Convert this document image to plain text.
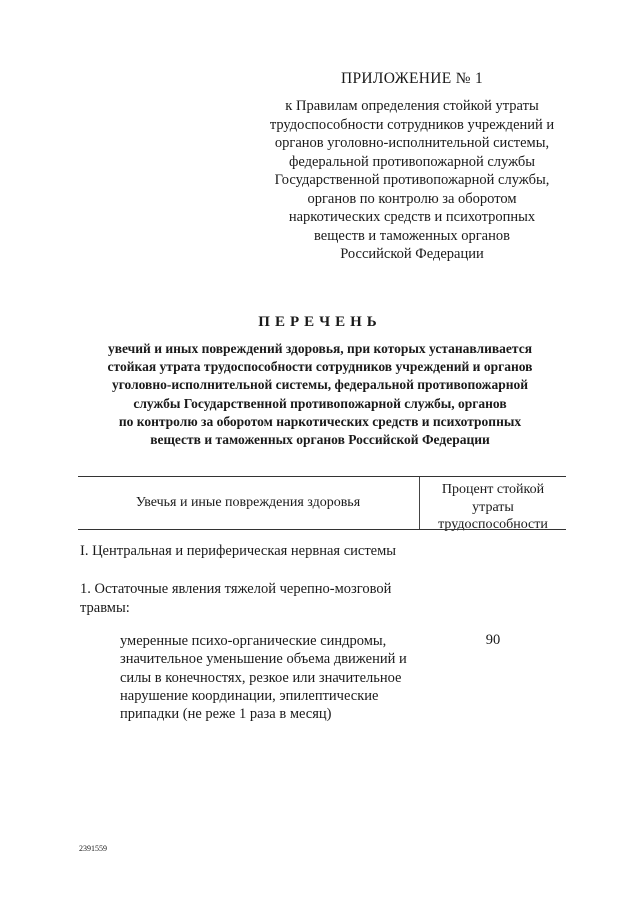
ПРИЛОЖЕНИЕ № 1
к Правилам определения стойкой утраты
трудоспособности сотрудников учреждений и
органов уголовно-исполнительной системы,
федеральной противопожарной службы
Государственной противопожарной службы,
органов по контролю за оборотом
наркотических средств и психотропных
веществ и таможенных органов
Российской Федерации
ПЕРЕЧЕНЬ
увечий и иных повреждений здоровья, при которых устанавливается
стойкая утрата трудоспособности сотрудников учреждений и органов
уголовно-исполнительной системы, федеральной противопожарной
службы Государственной противопожарной службы, органов
по контролю за оборотом наркотических средств и психотропных
веществ и таможенных органов Российской Федерации
Увечья и иные повреждения здоровья
Процент стойкой
утраты
трудоспособности
I. Центральная и периферическая нервная системы
1. Остаточные явления тяжелой черепно-мозговой травмы:
умеренные психо-органические синдромы,
значительное уменьшение объема движений и
силы в конечностях, резкое или значительное
нарушение координации, эпилептические
припадки (не реже 1 раза в месяц)
90
2391559
